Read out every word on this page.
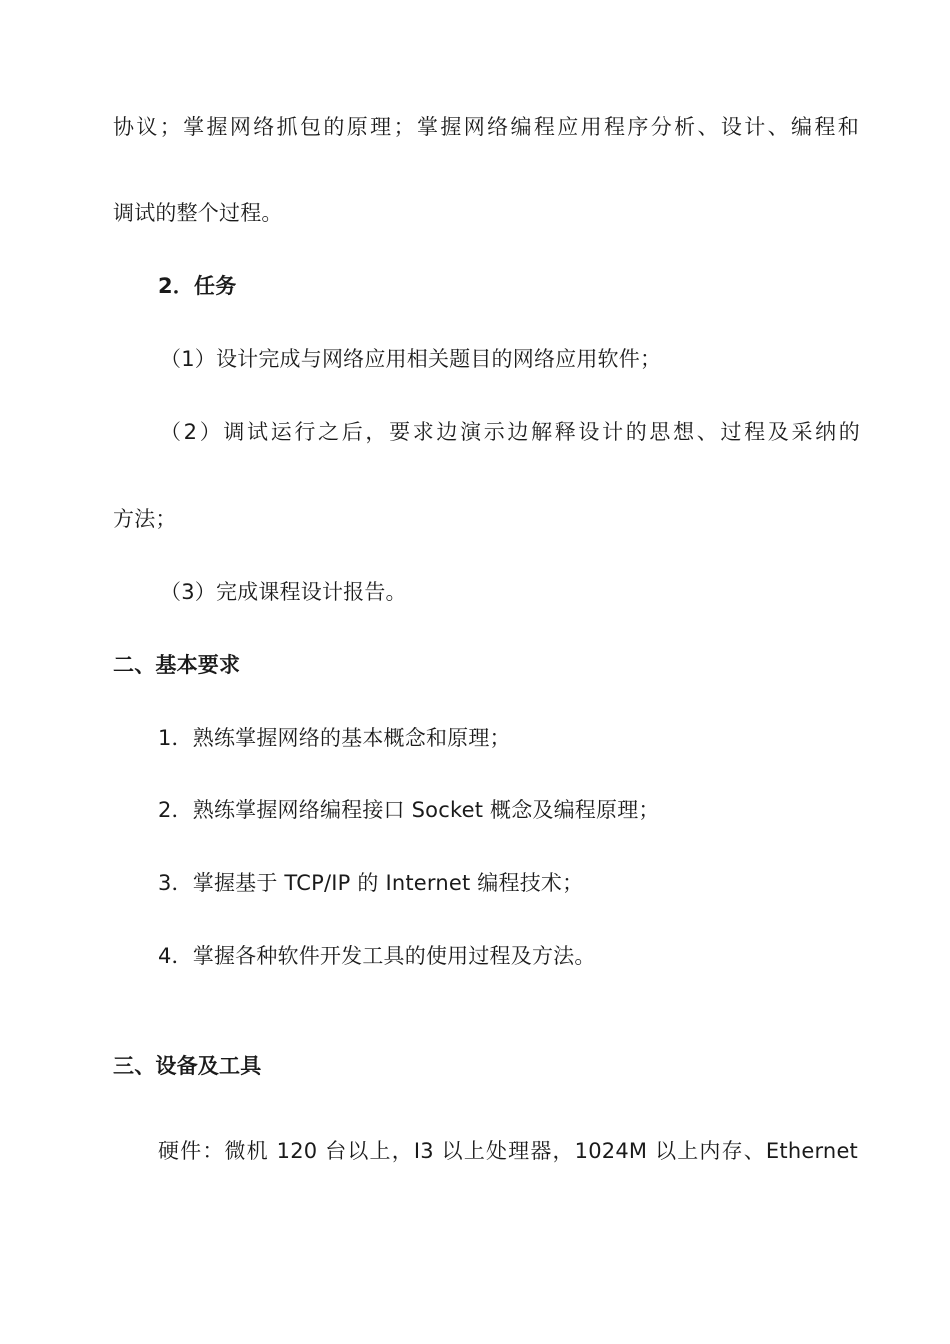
协议；掌握网络抓包的原理；掌握网络编程应用程序分析、设计、编程和
调试的整个过程。
2．任务
（1）设计完成与网络应用相关题目的网络应用软件；
（2）调试运行之后，要求边演示边解释设计的思想、过程及采纳的
方法；
（3）完成课程设计报告。
二、基本要求
1．熟练掌握网络的基本概念和原理；
2．熟练掌握网络编程接口 Socket 概念及编程原理；
3．掌握基于 TCP/IP 的 Internet 编程技术；
4．掌握各种软件开发工具的使用过程及方法。
三、设备及工具
硬件：微机 120 台以上，I3 以上处理器，1024M 以上内存、Ethernet
